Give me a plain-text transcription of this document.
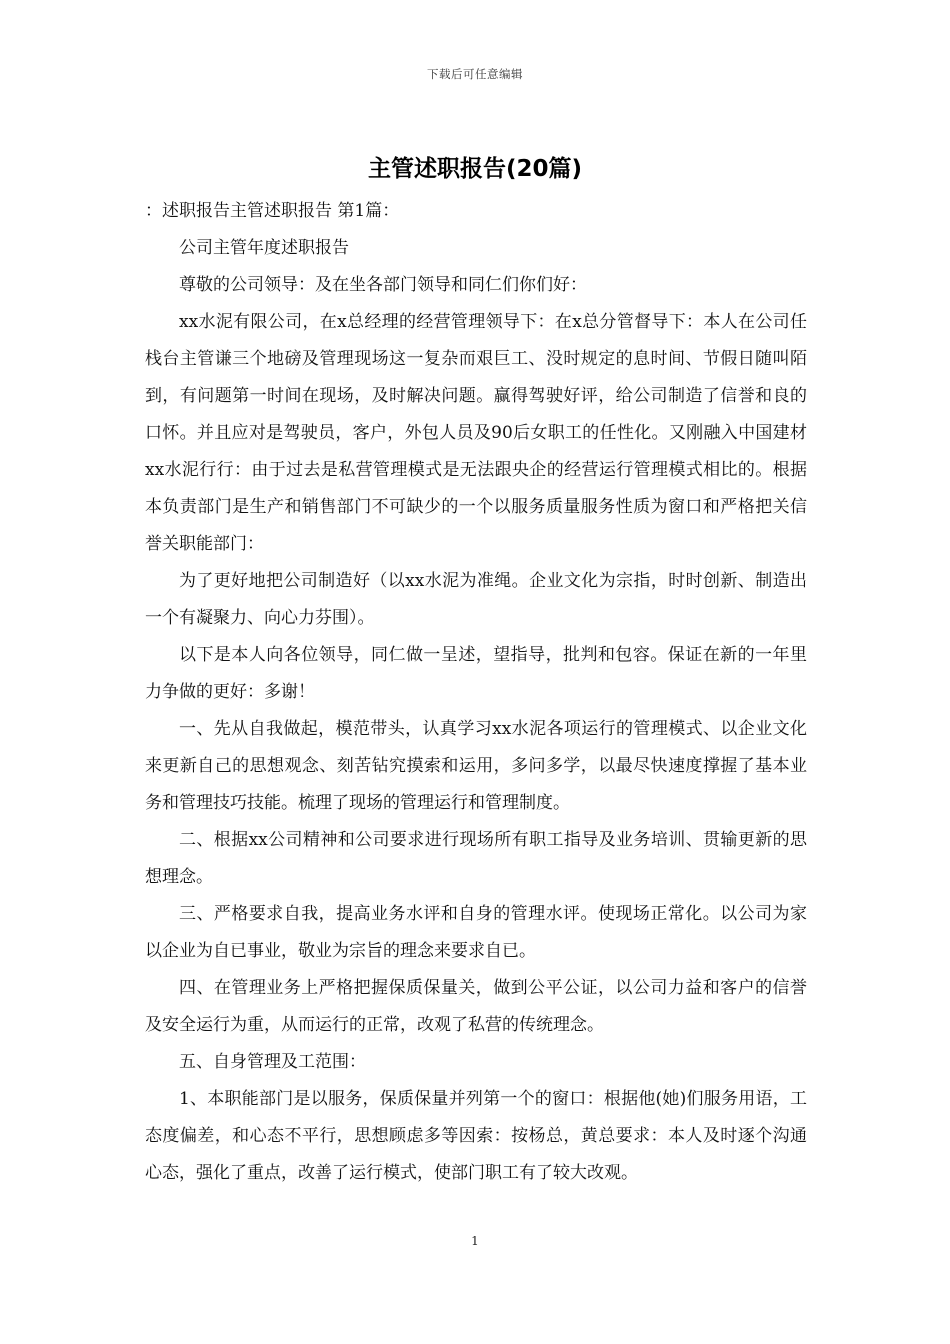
下载后可任意编辑
主管述职报告(20篇)

：述职报告主管述职报告 第1篇：

公司主管年度述职报告

尊敬的公司领导：及在坐各部门领导和同仁们你们好：

xx水泥有限公司，在x总经理的经营管理领导下：在x总分管督导下：本人在公司任栈台主管谦三个地磅及管理现场这一复杂而艰巨工、没时规定的息时间、节假日随叫陌到，有问题第一时间在现场，及时解决问题。赢得驾驶好评，给公司制造了信誉和良的口怀。并且应对是驾驶员，客户，外包人员及90后女职工的任性化。又刚融入中国建材xx水泥行行：由于过去是私营管理模式是无法跟央企的经营运行管理模式相比的。根据本负责部门是生产和销售部门不可缺少的一个以服务质量服务性质为窗口和严格把关信誉关职能部门：

为了更好地把公司制造好（以xx水泥为准绳。企业文化为宗指，时时创新、制造出一个有凝聚力、向心力芬围）。

以下是本人向各位领导，同仁做一呈述，望指导，批判和包容。保证在新的一年里力争做的更好：多谢！

一、先从自我做起，模范带头，认真学习xx水泥各项运行的管理模式、以企业文化来更新自己的思想观念、刻苦钻究摸索和运用，多问多学，以最尽快速度撑握了基本业务和管理技巧技能。梳理了现场的管理运行和管理制度。

二、根据xx公司精神和公司要求进行现场所有职工指导及业务培训、贯输更新的思想理念。

三、严格要求自我，提高业务水评和自身的管理水评。使现场正常化。以公司为家以企业为自已事业，敬业为宗旨的理念来要求自已。

四、在管理业务上严格把握保质保量关，做到公平公证，以公司力益和客户的信誉及安全运行为重，从而运行的正常，改观了私营的传统理念。

五、自身管理及工范围：

1、本职能部门是以服务，保质保量并列第一个的窗口：根据他(她)们服务用语，工态度偏差，和心态不平行，思想顾虑多等因索：按杨总，黄总要求：本人及时逐个沟通心态，强化了重点，改善了运行模式，使部门职工有了较大改观。

1
